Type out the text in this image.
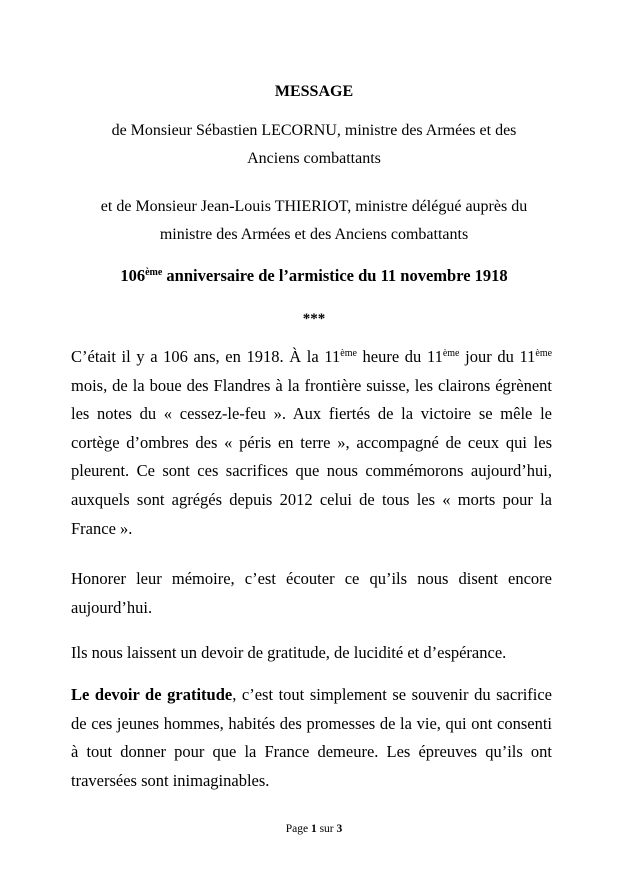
MESSAGE
de Monsieur Sébastien LECORNU, ministre des Armées et des
Anciens combattants
et de Monsieur Jean-Louis THIERIOT, ministre délégué auprès du
ministre des Armées et des Anciens combattants
106ème anniversaire de l’armistice du 11 novembre 1918
***

C’était il y a 106 ans, en 1918. À la 11ème heure du 11ème jour du 11ème mois, de la boue des Flandres à la frontière suisse, les clairons égrènent les notes du « cessez-le-feu ». Aux fiertés de la victoire se mêle le cortège d’ombres des « péris en terre », accompagné de ceux qui les pleurent. Ce sont ces sacrifices que nous commémorons aujourd’hui, auxquels sont agrégés depuis 2012 celui de tous les « morts pour la France ».

Honorer leur mémoire, c’est écouter ce qu’ils nous disent encore aujourd’hui.

Ils nous laissent un devoir de gratitude, de lucidité et d’espérance.

Le devoir de gratitude, c’est tout simplement se souvenir du sacrifice de ces jeunes hommes, habités des promesses de la vie, qui ont consenti à tout donner pour que la France demeure. Les épreuves qu’ils ont traversées sont inimaginables.

Page 1 sur 3
